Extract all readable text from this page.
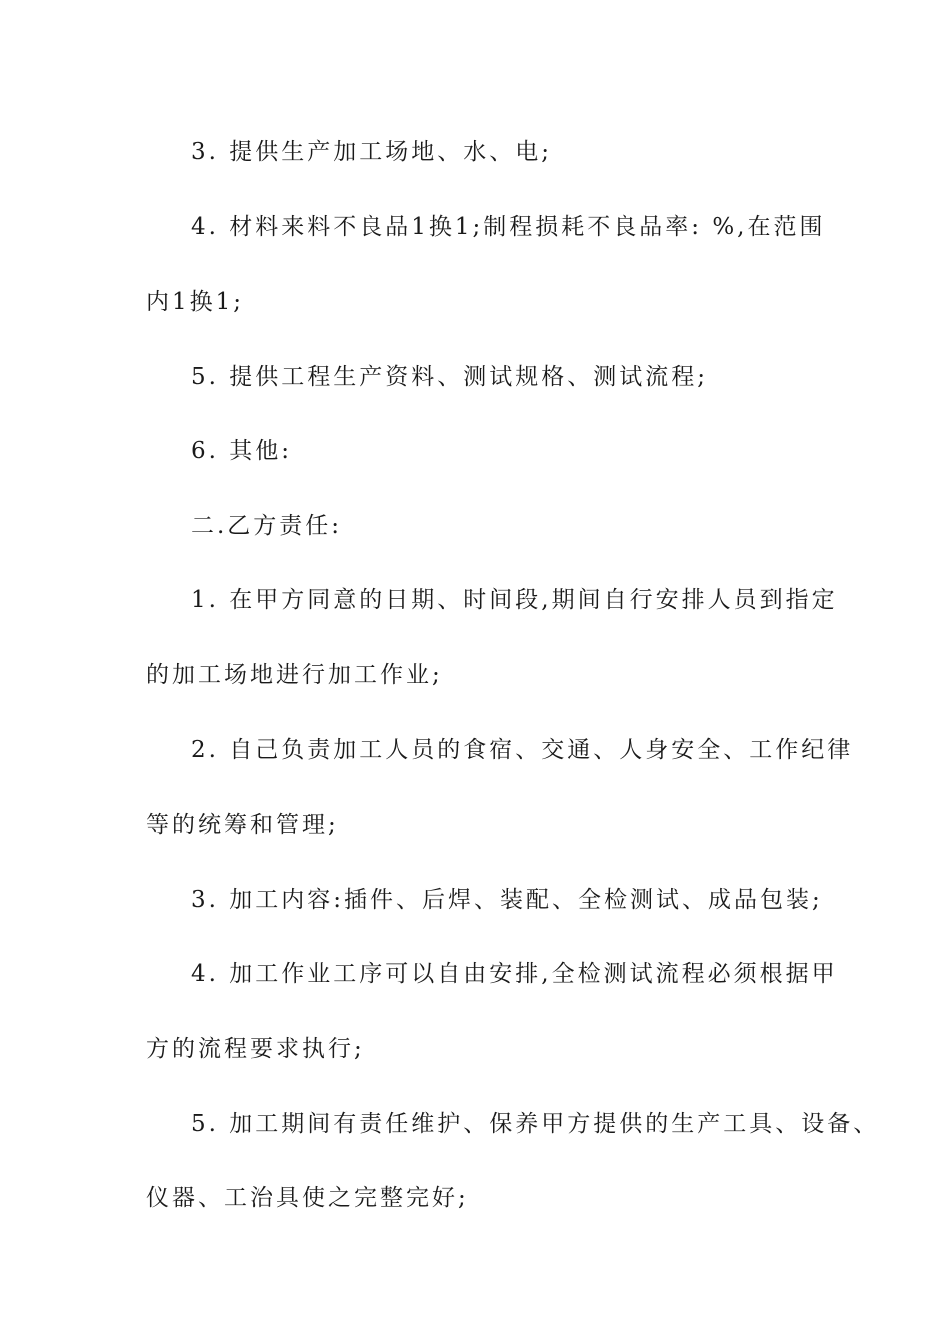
3. 提供生产加工场地、水、电;
4. 材料来料不良品1换1;制程损耗不良品率: %,在范围
内1换1;
5. 提供工程生产资料、测试规格、测试流程;
6. 其他:
二.乙方责任:
1. 在甲方同意的日期、时间段,期间自行安排人员到指定
的加工场地进行加工作业;
2. 自己负责加工人员的食宿、交通、人身安全、工作纪律
等的统筹和管理;
3. 加工内容:插件、后焊、装配、全检测试、成品包装;
4. 加工作业工序可以自由安排,全检测试流程必须根据甲
方的流程要求执行;
5. 加工期间有责任维护、保养甲方提供的生产工具、设备、
仪器、工治具使之完整完好;
